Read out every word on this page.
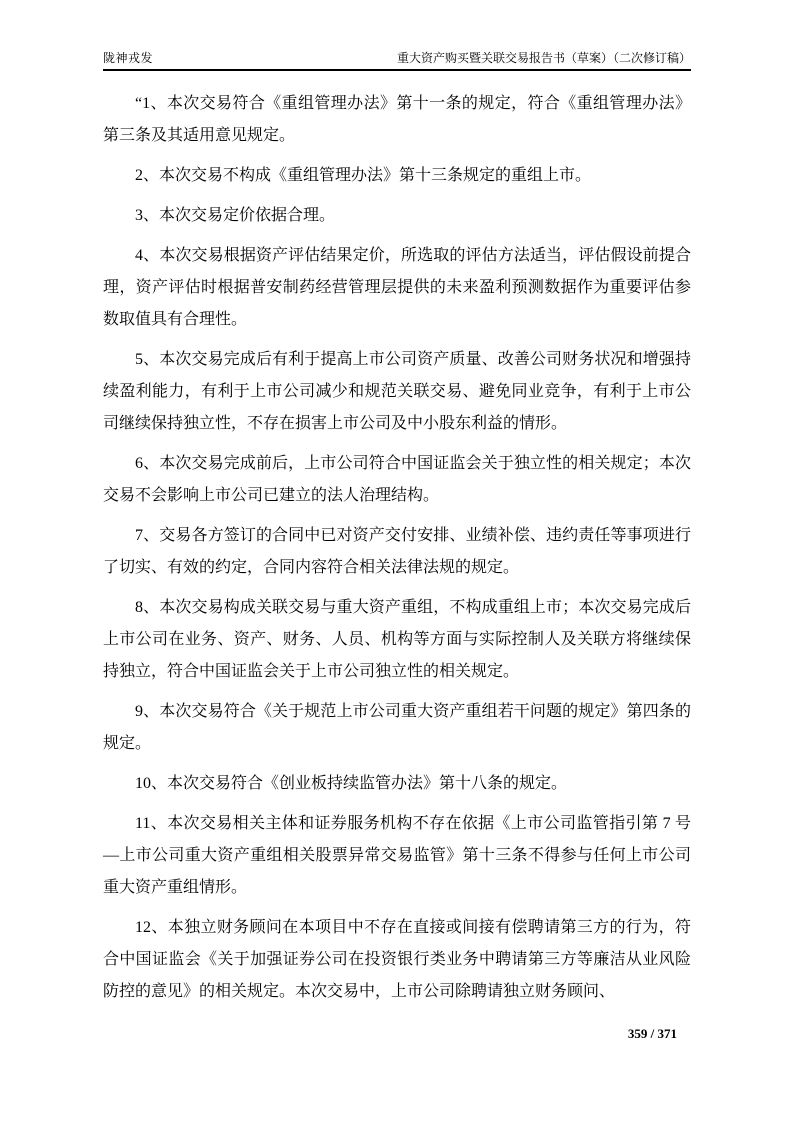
陇神戎发	重大资产购买暨关联交易报告书（草案）（二次修订稿）

“1、本次交易符合《重组管理办法》第十一条的规定，符合《重组管理办法》第三条及其适用意见规定。

2、本次交易不构成《重组管理办法》第十三条规定的重组上市。

3、本次交易定价依据合理。

4、本次交易根据资产评估结果定价，所选取的评估方法适当，评估假设前提合理，资产评估时根据普安制药经营管理层提供的未来盈利预测数据作为重要评估参数取值具有合理性。

5、本次交易完成后有利于提高上市公司资产质量、改善公司财务状况和增强持续盈利能力，有利于上市公司减少和规范关联交易、避免同业竞争，有利于上市公司继续保持独立性，不存在损害上市公司及中小股东利益的情形。

6、本次交易完成前后，上市公司符合中国证监会关于独立性的相关规定；本次交易不会影响上市公司已建立的法人治理结构。

7、交易各方签订的合同中已对资产交付安排、业绩补偿、违约责任等事项进行了切实、有效的约定，合同内容符合相关法律法规的规定。

8、本次交易构成关联交易与重大资产重组，不构成重组上市；本次交易完成后上市公司在业务、资产、财务、人员、机构等方面与实际控制人及关联方将继续保持独立，符合中国证监会关于上市公司独立性的相关规定。

9、本次交易符合《关于规范上市公司重大资产重组若干问题的规定》第四条的规定。

10、本次交易符合《创业板持续监管办法》第十八条的规定。

11、本次交易相关主体和证券服务机构不存在依据《上市公司监管指引第 7 号—上市公司重大资产重组相关股票异常交易监管》第十三条不得参与任何上市公司重大资产重组情形。

12、本独立财务顾问在本项目中不存在直接或间接有偿聘请第三方的行为，符合中国证监会《关于加强证券公司在投资银行类业务中聘请第三方等廉洁从业风险防控的意见》的相关规定。本次交易中，上市公司除聘请独立财务顾问、

359 / 371
